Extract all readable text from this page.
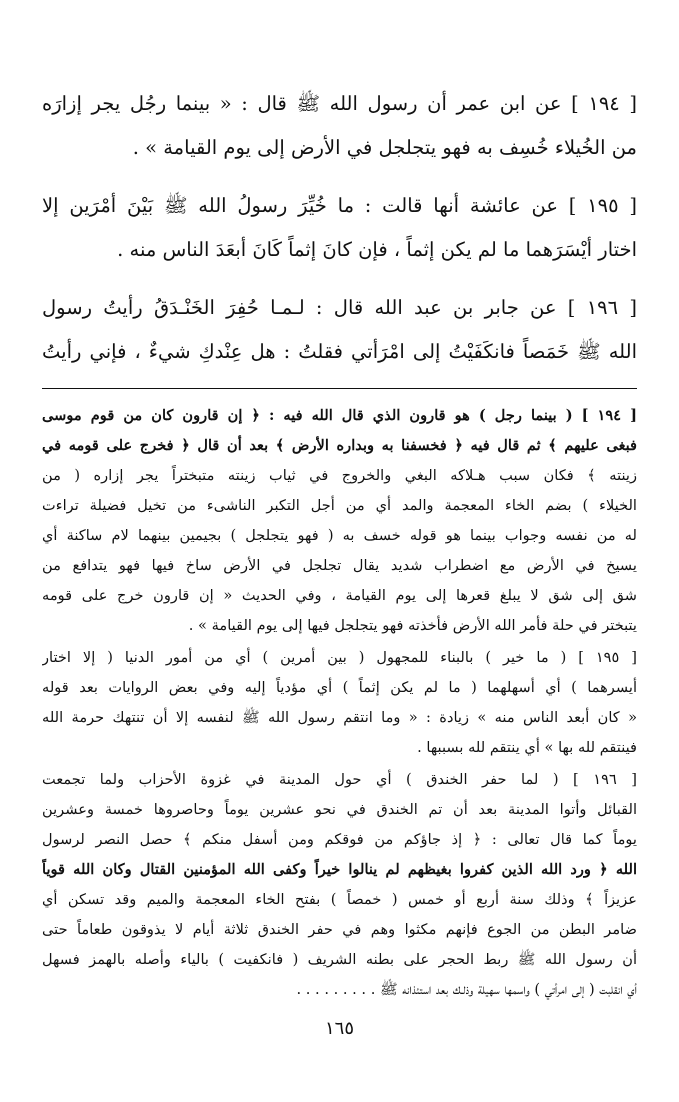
[ ١٩٤ ] عن ابن عمر أن رسول الله ﷺ قال : « بينما رجُل يجر إزارَه
من الخُيلاء خُسِف به فهو يتجلجل في الأرض إلى يوم القيامة » .
[ ١٩٥ ] عن عائشة أنها قالت : ما خُيِّرَ رسولُ الله ﷺ بَيْنَ أمْرَين إلا
اختار أيْسَرَهما ما لم يكن إثماً ، فإن كانَ إثماً كَانَ أبعَدَ الناس منه .
[ ١٩٦ ] عن جابر بن عبد الله قال : لـمـا حُفِرَ الخَنْـدَقُ رأيتُ رسول
الله ﷺ خَمَصاً فانكَفَيْتُ إلى امْرَأتي فقلتُ : هل عِنْدكِ شيءٌ ، فإني رأيتُ
[ ١٩٤ ] ( بينما رجل ) هو قارون الذي قال الله فيه : ﴿ إن قارون كان من قوم موسى
فبغى عليهم ﴾ ثم قال فيه ﴿ فخسفنا به وبداره الأرض ﴾ بعد أن قال ﴿ فخرج على قومه في
زينته ﴾ فكان سبب هـلاكه البغي والخروج في ثياب زينته متبختراً يجر إزاره ( من
الخيلاء ) بضم الخاء المعجمة والمد أي من أجل التكبر الناشىء من تخيل فضيلة تراءت
له من نفسه وجواب بينما هو قوله خسف به ( فهو يتجلجل ) بجيمين بينهما لام ساكنة أي
يسيخ في الأرض مع اضطراب شديد يقال تجلجل في الأرض ساخ فيها فهو يتدافع من
شق إلى شق لا يبلغ قعرها إلى يوم القيامة ، وفي الحديث « إن قارون خرج على قومه
يتبختر في حلة فأمر الله الأرض فأخذته فهو يتجلجل فيها إلى يوم القيامة » .
[ ١٩٥ ] ( ما خير ) بالبناء للمجهول ( بين أمرين ) أي من أمور الدنيا ( إلا اختار
أيسرهما ) أي أسهلهما ( ما لم يكن إثماً ) أي مؤدياً إليه وفي بعض الروايات بعد قوله
« كان أبعد الناس منه » زيادة : « وما انتقم رسول الله ﷺ لنفسه إلا أن تنتهك حرمة الله
فينتقم لله بها » أي ينتقم لله بسببها .
[ ١٩٦ ] ( لما حفر الخندق ) أي حول المدينة في غزوة الأحزاب ولما تجمعت
القبائل وأتوا المدينة بعد أن تم الخندق في نحو عشرين يوماً وحاصروها خمسة وعشرين
يوماً كما قال تعالى : ﴿ إذ جاؤكم من فوقكم ومن أسفل منكم ﴾ حصل النصر لرسول
الله ﴿ ورد الله الذين كفروا بغيظهم لم ينالوا خيراً وكفى الله المؤمنين القتال وكان الله قوياً
عزيزاً ﴾ وذلك سنة أربع أو خمس ( خمصاً ) بفتح الخاء المعجمة والميم وقد تسكن أي
ضامر البطن من الجوع فإنهم مكثوا وهم في حفر الخندق ثلاثة أيام لا يذوقون طعاماً حتى
أن رسول الله ﷺ ربط الحجر على بطنه الشريف ( فانكفيت ) بالياء وأصله بالهمز فسهل
أي انقلبت ( إلى امرأتي ) واسمها سهيلة وذلـك بعد استئذانه ﷺ . . . . . . . . .
١٦٥
